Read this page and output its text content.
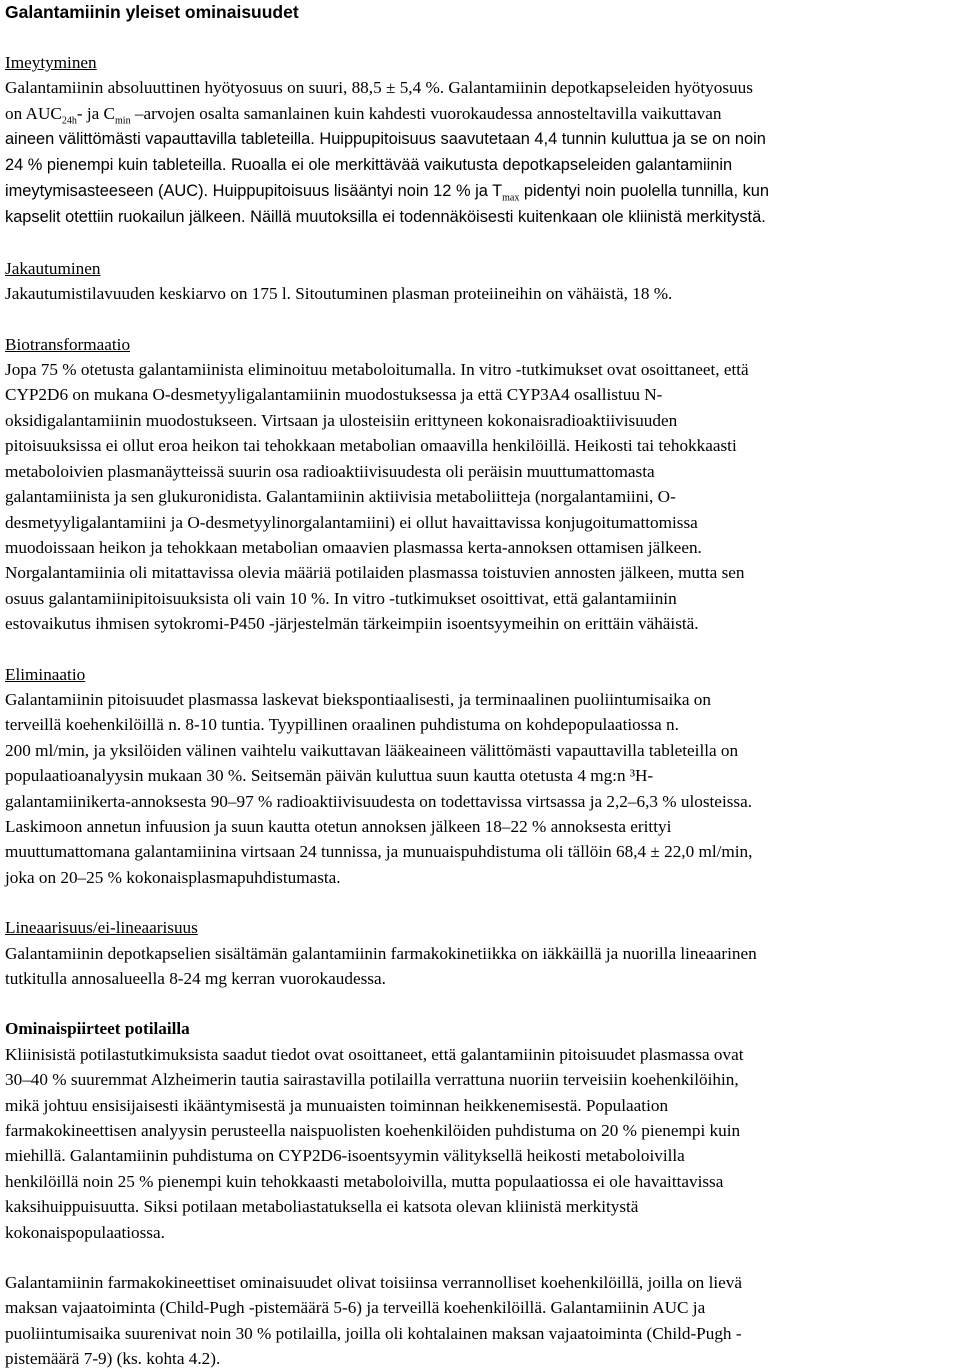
Galantamiinin yleiset ominaisuudet
Imeytyminen
Galantamiinin absoluuttinen hyötyosuus on suuri, 88,5 ± 5,4 %. Galantamiinin depotkapseleiden hyötyosuus
on $AUC_{24h}-$ ja $C_{min}$ –arvojen osalta samanlainen kuin kahdesti vuorokaudessa annosteltavilla vaikuttavan
aineen välittömästi vapauttavilla tableteilla. Huippupitoisuus saavutetaan 4,4 tunnin kuluttua ja se on noin
24 % pienempi kuin tableteilla. Ruoalla ei ole merkittävää vaikutusta depotkapseleiden galantamiinin
imeytymisasteeseen (AUC). Huippupitoisuus lisääntyi noin 12 % ja $T_{max}$ pidentyi noin puolella tunnilla, kun
kapselit otettiin ruokailun jälkeen. Näillä muutoksilla ei todennäköisesti kuitenkaan ole kliinistä merkitystä.
Jakautuminen
Jakautumistilavuuden keskiarvo on 175 l. Sitoutuminen plasman proteiineihin on vähäistä, 18 %.
Biotransformaatio
Jopa 75 % otetusta galantamiinista eliminoituu metaboloitumalla. In vitro -tutkimukset ovat osoittaneet, että
CYP2D6 on mukana O-desmetyyligalantamiinin muodostuksessa ja että CYP3A4 osallistuu N-
oksidigalantamiinin muodostukseen. Virtsaan ja ulosteisiin erittyneen kokonaisradioaktiivisuuden
pitoisuuksissa ei ollut eroa heikon tai tehokkaan metabolian omaavilla henkilöillä. Heikosti tai tehokkaasti
metaboloivien plasmanäytteissä suurin osa radioaktiivisuudesta oli peräisin muuttumattomasta
galantamiinista ja sen glukuronidista. Galantamiinin aktiivisia metaboliitteja (norgalantamiini, O-
desmetyyligalantamiini ja O-desmetyylinorgalantamiini) ei ollut havaittavissa konjugoitumattomissa
muodoissaan heikon ja tehokkaan metabolian omaavien plasmassa kerta-annoksen ottamisen jälkeen.
Norgalantamiinia oli mitattavissa olevia määriä potilaiden plasmassa toistuvien annosten jälkeen, mutta sen
osuus galantamiinipitoisuuksista oli vain 10 %. In vitro -tutkimukset osoittivat, että galantamiinin
estovaikutus ihmisen sytokromi-P450 -järjestelmän tärkeimpiin isoentsyymeihin on erittäin vähäistä.
Eliminaatio
Galantamiinin pitoisuudet plasmassa laskevat biekspontiaalisesti, ja terminaalinen puoliintumisaika on
terveillä koehenkilöillä n. 8-10 tuntia. Tyypillinen oraalinen puhdistuma on kohdepopulaatiossa n.
200 ml/min, ja yksilöiden välinen vaihtelu vaikuttavan lääkeaineen välittömästi vapauttavilla tableteilla on
populaatioanalyysin mukaan 30 %. Seitsemän päivän kuluttua suun kautta otetusta 4 mg:n ³H-
galantamiinikerta-annoksesta 90–97 % radioaktiivisuudesta on todettavissa virtsassa ja 2,2–6,3 % ulosteissa.
Laskimoon annetun infuusion ja suun kautta otetun annoksen jälkeen 18–22 % annoksesta erittyi
muuttumattomana galantamiinina virtsaan 24 tunnissa, ja munuaispuhdistuma oli tällöin 68,4 ± 22,0 ml/min,
joka on 20–25 % kokonaisplasmapuhdistumasta.
Lineaarisuus/ei-lineaarisuus
Galantamiinin depotkapselien sisältämän galantamiinin farmakokinetiikka on iäkkäillä ja nuorilla lineaarinen
tutkitulla annosalueella 8-24 mg kerran vuorokaudessa.
Ominaispiirteet potilailla
Kliinisistä potilastutkimuksista saadut tiedot ovat osoittaneet, että galantamiinin pitoisuudet plasmassa ovat
30–40 % suuremmat Alzheimerin tautia sairastavilla potilailla verrattuna nuoriin terveisiin koehenkilöihin,
mikä johtuu ensisijaisesti ikääntymisestä ja munuaisten toiminnan heikkenemisestä. Populaation
farmakokineettisen analyysin perusteella naispuolisten koehenkilöiden puhdistuma on 20 % pienempi kuin
miehillä. Galantamiinin puhdistuma on CYP2D6-isoentsyymin välityksellä heikosti metaboloivilla
henkilöillä noin 25 % pienempi kuin tehokkaasti metaboloivilla, mutta populaatiossa ei ole havaittavissa
kaksihuippuisuutta. Siksi potilaan metaboliastatuksella ei katsota olevan kliinistä merkitystä
kokonaispopulaatiossa.
Galantamiinin farmakokineettiset ominaisuudet olivat toisiinsa verrannolliset koehenkilöillä, joilla on lievä
maksan vajaatoiminta (Child-Pugh -pistemäärä 5-6) ja terveillä koehenkilöillä. Galantamiinin AUC ja
puoliintumisaika suurenivat noin 30 % potilailla, joilla oli kohtalainen maksan vajaatoiminta (Child-Pugh -
pistemäärä 7-9) (ks. kohta 4.2).
